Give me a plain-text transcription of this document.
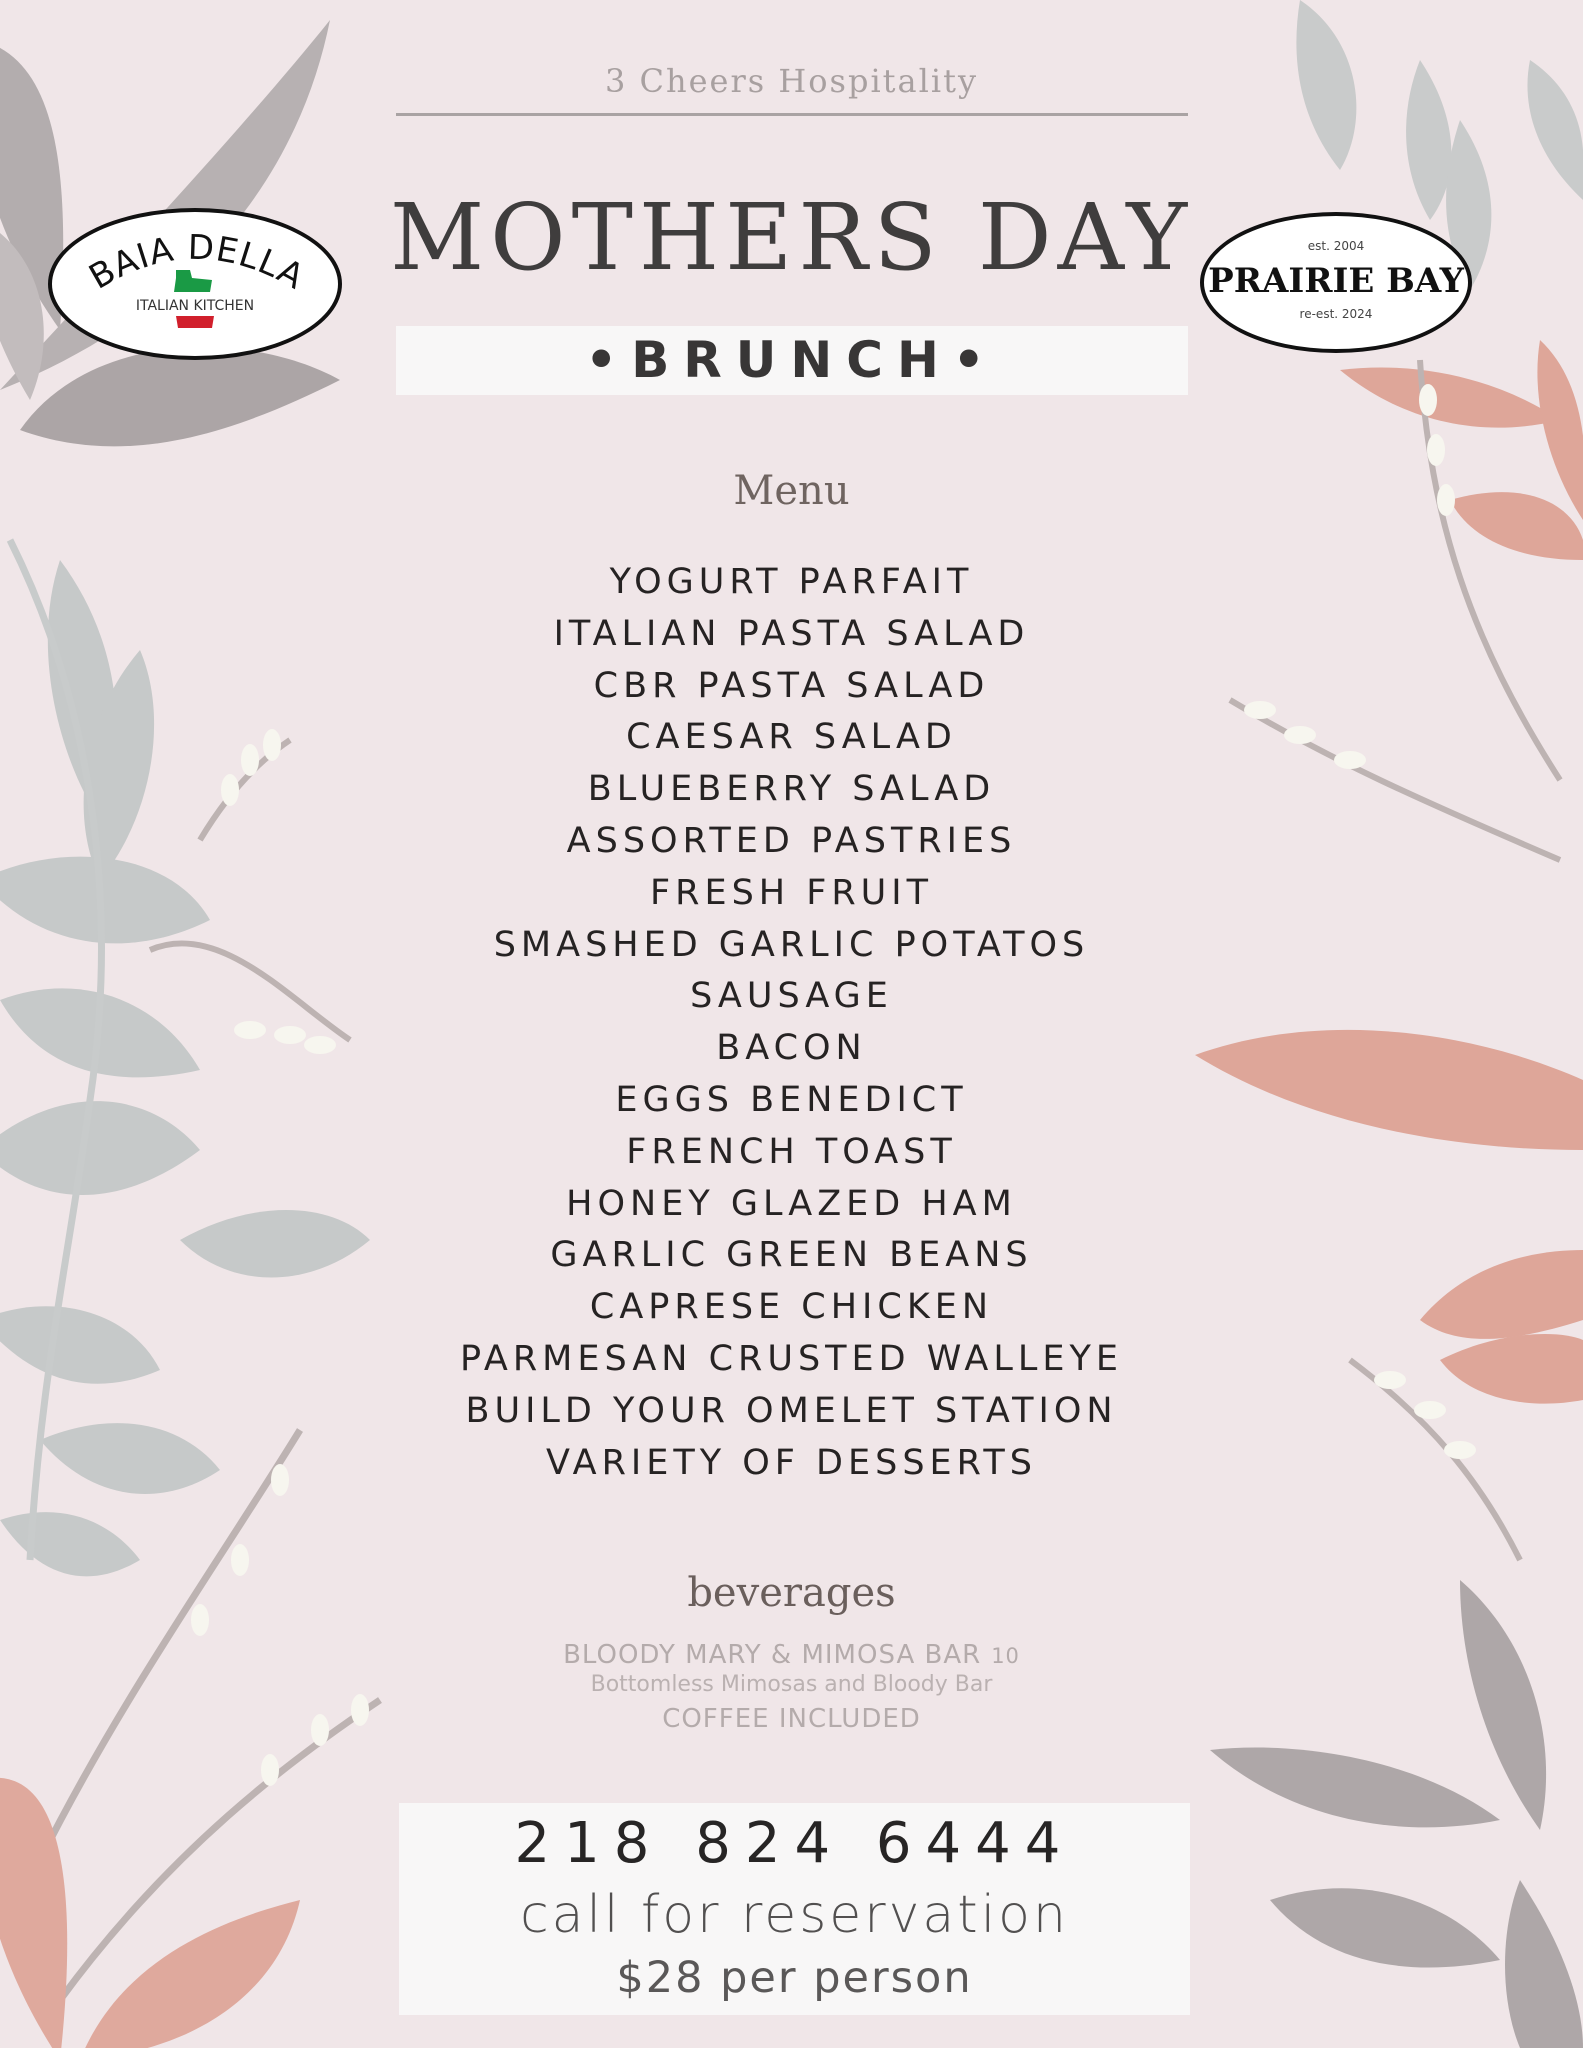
3 Cheers Hospitality
MOTHERS DAY
•BRUNCH•
BAIA DELLA
ITALIAN KITCHEN
est. 2004
PRAIRIE BAY
re-est. 2024
Menu
YOGURT PARFAIT
ITALIAN PASTA SALAD
CBR PASTA SALAD
CAESAR SALAD
BLUEBERRY SALAD
ASSORTED PASTRIES
FRESH FRUIT
SMASHED GARLIC POTATOS
SAUSAGE
BACON
EGGS BENEDICT
FRENCH TOAST
HONEY GLAZED HAM
GARLIC GREEN BEANS
CAPRESE CHICKEN
PARMESAN CRUSTED WALLEYE
BUILD YOUR OMELET STATION
VARIETY OF DESSERTS
beverages
BLOODY MARY & MIMOSA BAR 10
Bottomless Mimosas and Bloody Bar
COFFEE INCLUDED
218 824 6444
call for reservation
$28 per person
